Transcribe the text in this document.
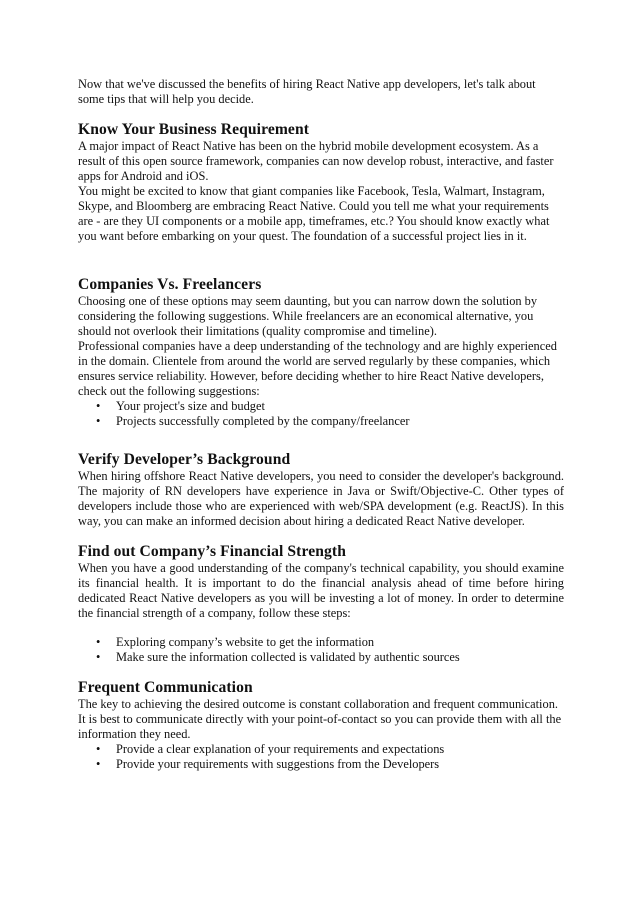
Now that we've discussed the benefits of hiring React Native app developers, let's talk about some tips that will help you decide.

Know Your Business Requirement

A major impact of React Native has been on the hybrid mobile development ecosystem. As a result of this open source framework, companies can now develop robust, interactive, and faster apps for Android and iOS.

You might be excited to know that giant companies like Facebook, Tesla, Walmart, Instagram, Skype, and Bloomberg are embracing React Native. Could you tell me what your requirements are - are they UI components or a mobile app, timeframes, etc.? You should know exactly what you want before embarking on your quest. The foundation of a successful project lies in it.

Companies Vs. Freelancers

Choosing one of these options may seem daunting, but you can narrow down the solution by considering the following suggestions. While freelancers are an economical alternative, you should not overlook their limitations (quality compromise and timeline).

Professional companies have a deep understanding of the technology and are highly experienced in the domain. Clientele from around the world are served regularly by these companies, which ensures service reliability. However, before deciding whether to hire React Native developers, check out the following suggestions:

• Your project's size and budget
• Projects successfully completed by the company/freelancer
Verify Developer’s Background

When hiring offshore React Native developers, you need to consider the developer's background. The majority of RN developers have experience in Java or Swift/Objective-C. Other types of developers include those who are experienced with web/SPA development (e.g. ReactJS). In this way, you can make an informed decision about hiring a dedicated React Native developer.

Find out Company’s Financial Strength

When you have a good understanding of the company's technical capability, you should examine its financial health. It is important to do the financial analysis ahead of time before hiring dedicated React Native developers as you will be investing a lot of money. In order to determine the financial strength of a company, follow these steps:

• Exploring company’s website to get the information
• Make sure the information collected is validated by authentic sources
Frequent Communication

The key to achieving the desired outcome is constant collaboration and frequent communication. It is best to communicate directly with your point-of-contact so you can provide them with all the information they need.

• Provide a clear explanation of your requirements and expectations
• Provide your requirements with suggestions from the Developers
